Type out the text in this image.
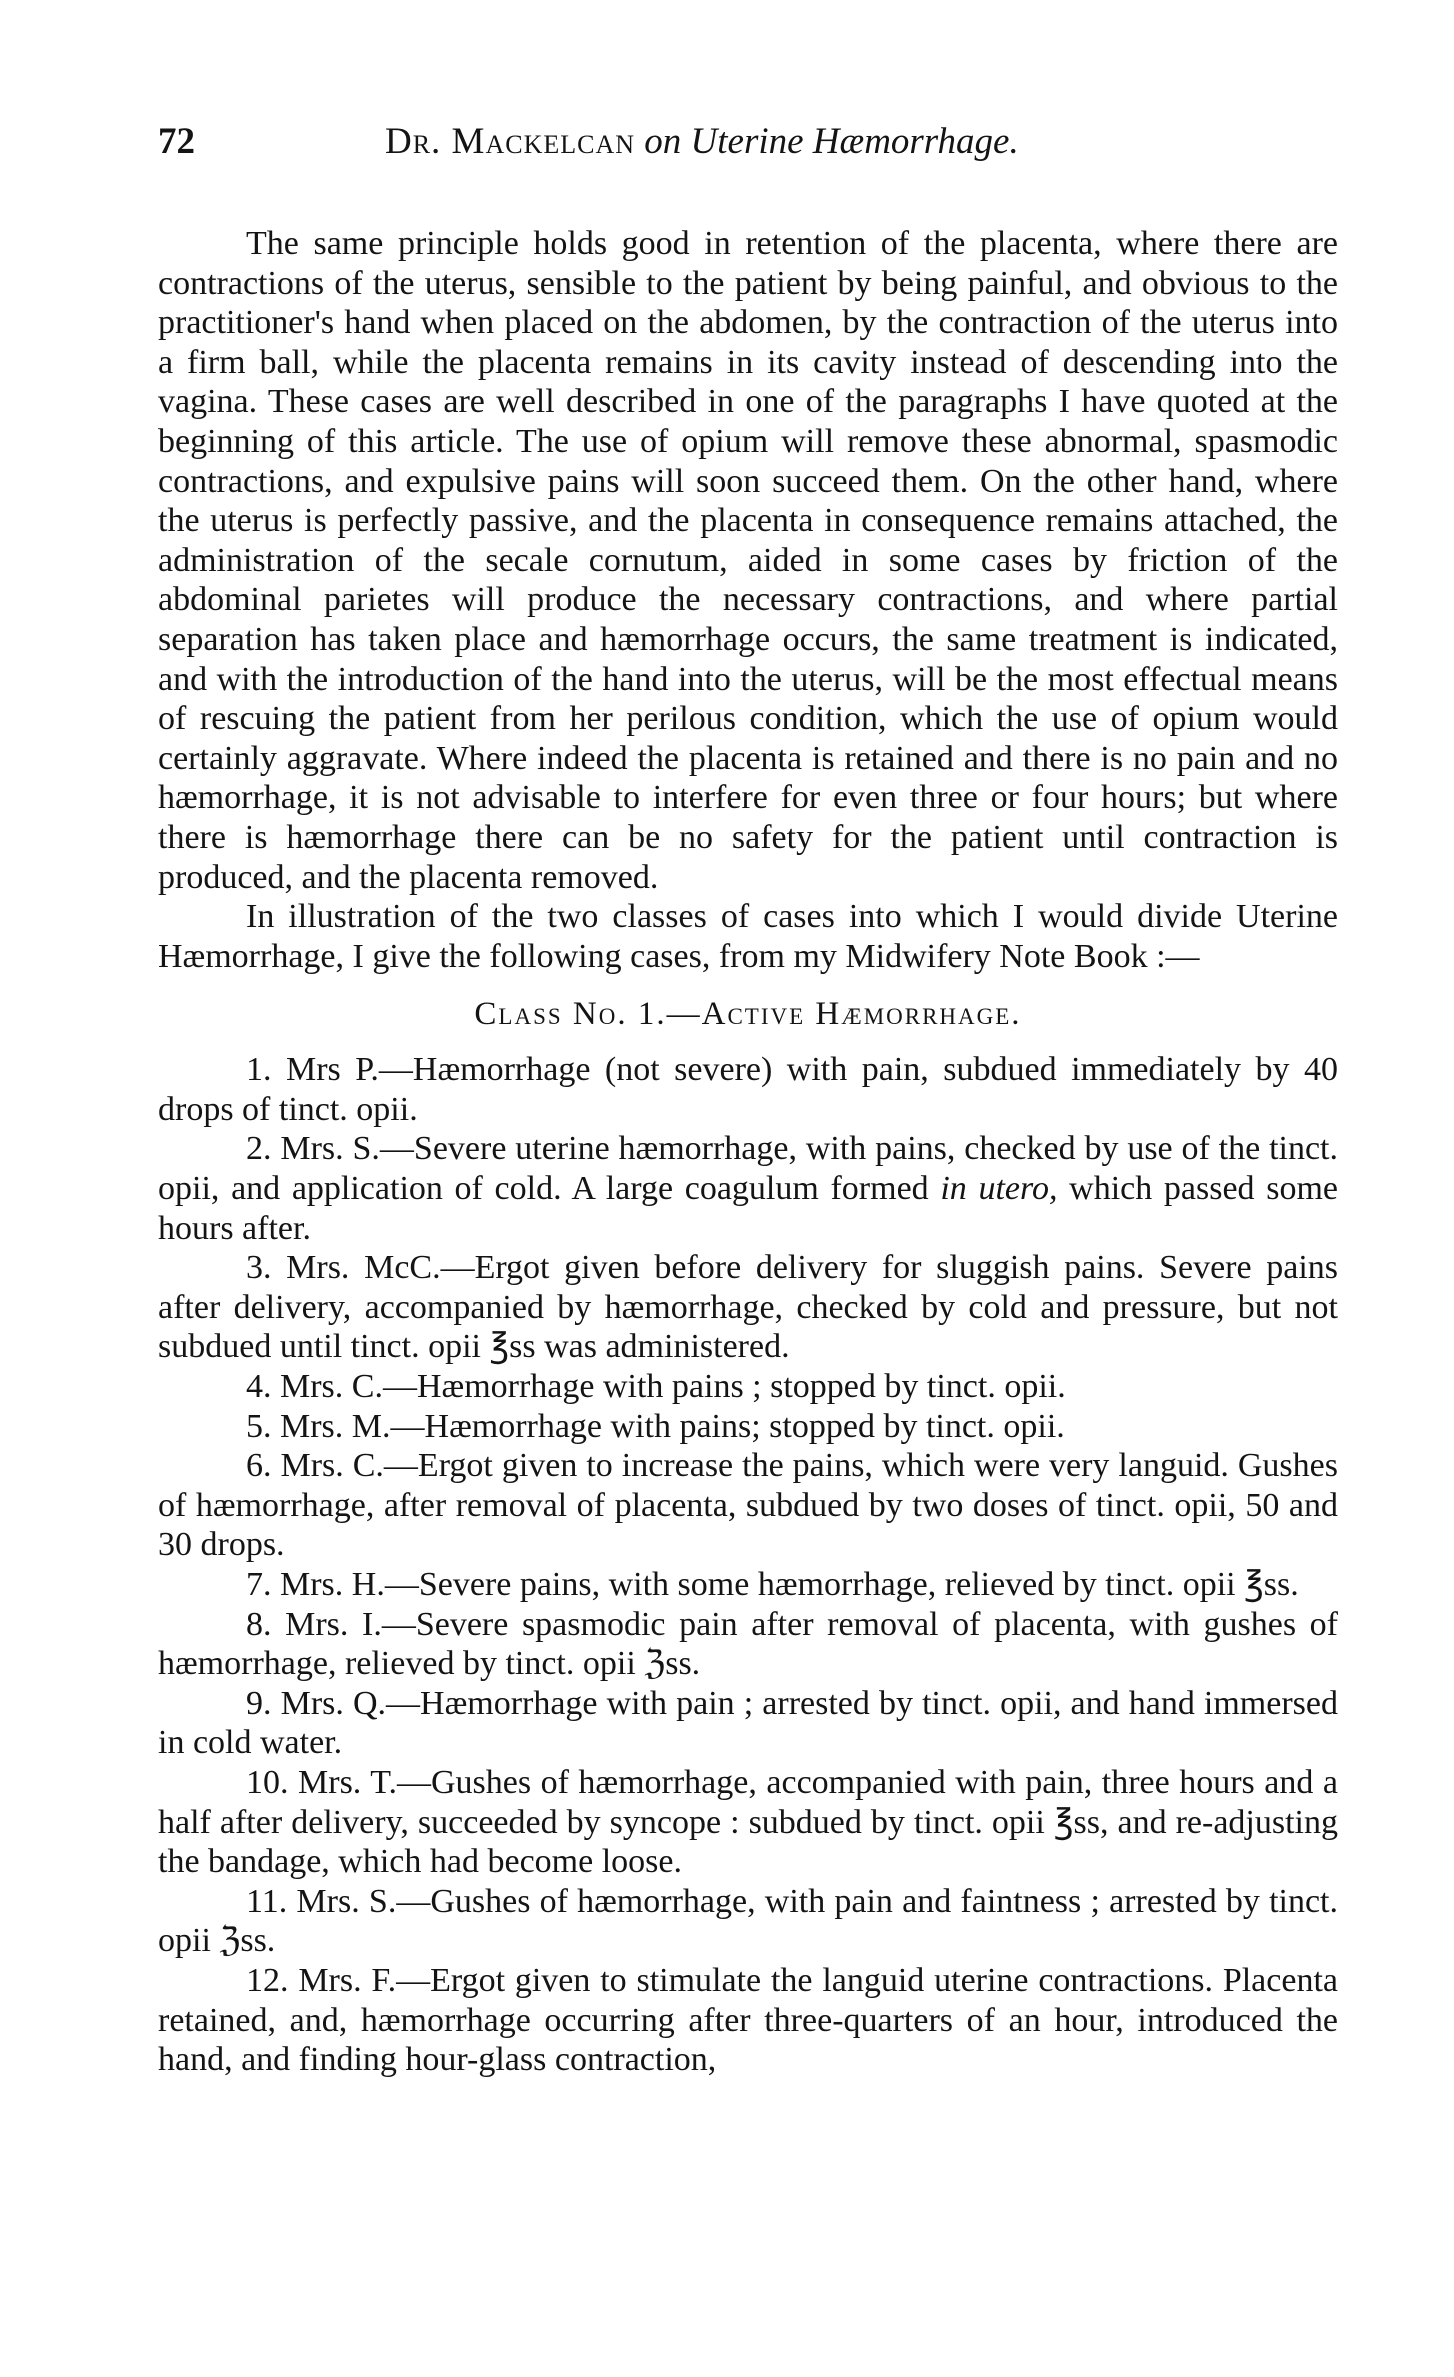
72	Dr. Mackelcan on Uterine Hæmorrhage.

The same principle holds good in retention of the placenta, where there are contractions of the uterus, sensible to the patient by being painful, and obvious to the practitioner's hand when placed on the abdomen, by the contraction of the uterus into a firm ball, while the placenta remains in its cavity instead of descending into the vagina. These cases are well described in one of the paragraphs I have quoted at the beginning of this article. The use of opium will remove these abnormal, spasmodic contractions, and expulsive pains will soon succeed them. On the other hand, where the uterus is perfectly passive, and the placenta in consequence remains attached, the administration of the secale cornutum, aided in some cases by friction of the abdominal parietes will produce the necessary contractions, and where partial separation has taken place and hæmorrhage occurs, the same treatment is indicated, and with the introduction of the hand into the uterus, will be the most effectual means of rescuing the patient from her perilous condition, which the use of opium would certainly aggravate. Where indeed the placenta is retained and there is no pain and no hæmorrhage, it is not advisable to interfere for even three or four hours; but where there is hæmorrhage there can be no safety for the patient until contraction is produced, and the placenta removed.

In illustration of the two classes of cases into which I would divide Uterine Hæmorrhage, I give the following cases, from my Midwifery Note Book :—

Class No. 1.—Active Hæmorrhage.

1. Mrs P.—Hæmorrhage (not severe) with pain, subdued immediately by 40 drops of tinct. opii.

2. Mrs. S.—Severe uterine hæmorrhage, with pains, checked by use of the tinct. opii, and application of cold. A large coagulum formed in utero, which passed some hours after.

3. Mrs. McC.—Ergot given before delivery for sluggish pains. Severe pains after delivery, accompanied by hæmorrhage, checked by cold and pressure, but not subdued until tinct. opii ℥ss was administered.

4. Mrs. C.—Hæmorrhage with pains ; stopped by tinct. opii.

5. Mrs. M.—Hæmorrhage with pains; stopped by tinct. opii.

6. Mrs. C.—Ergot given to increase the pains, which were very languid. Gushes of hæmorrhage, after removal of placenta, subdued by two doses of tinct. opii, 50 and 30 drops.

7. Mrs. H.—Severe pains, with some hæmorrhage, relieved by tinct. opii ℥ss.

8. Mrs. I.—Severe spasmodic pain after removal of placenta, with gushes of hæmorrhage, relieved by tinct. opii ℨss.

9. Mrs. Q.—Hæmorrhage with pain ; arrested by tinct. opii, and hand immersed in cold water.

10. Mrs. T.—Gushes of hæmorrhage, accompanied with pain, three hours and a half after delivery, succeeded by syncope : subdued by tinct. opii ℥ss, and re-adjusting the bandage, which had become loose.

11. Mrs. S.—Gushes of hæmorrhage, with pain and faintness ; arrested by tinct. opii ℨss.

12. Mrs. F.—Ergot given to stimulate the languid uterine contractions. Placenta retained, and, hæmorrhage occurring after three-quarters of an hour, introduced the hand, and finding hour-glass contraction,
